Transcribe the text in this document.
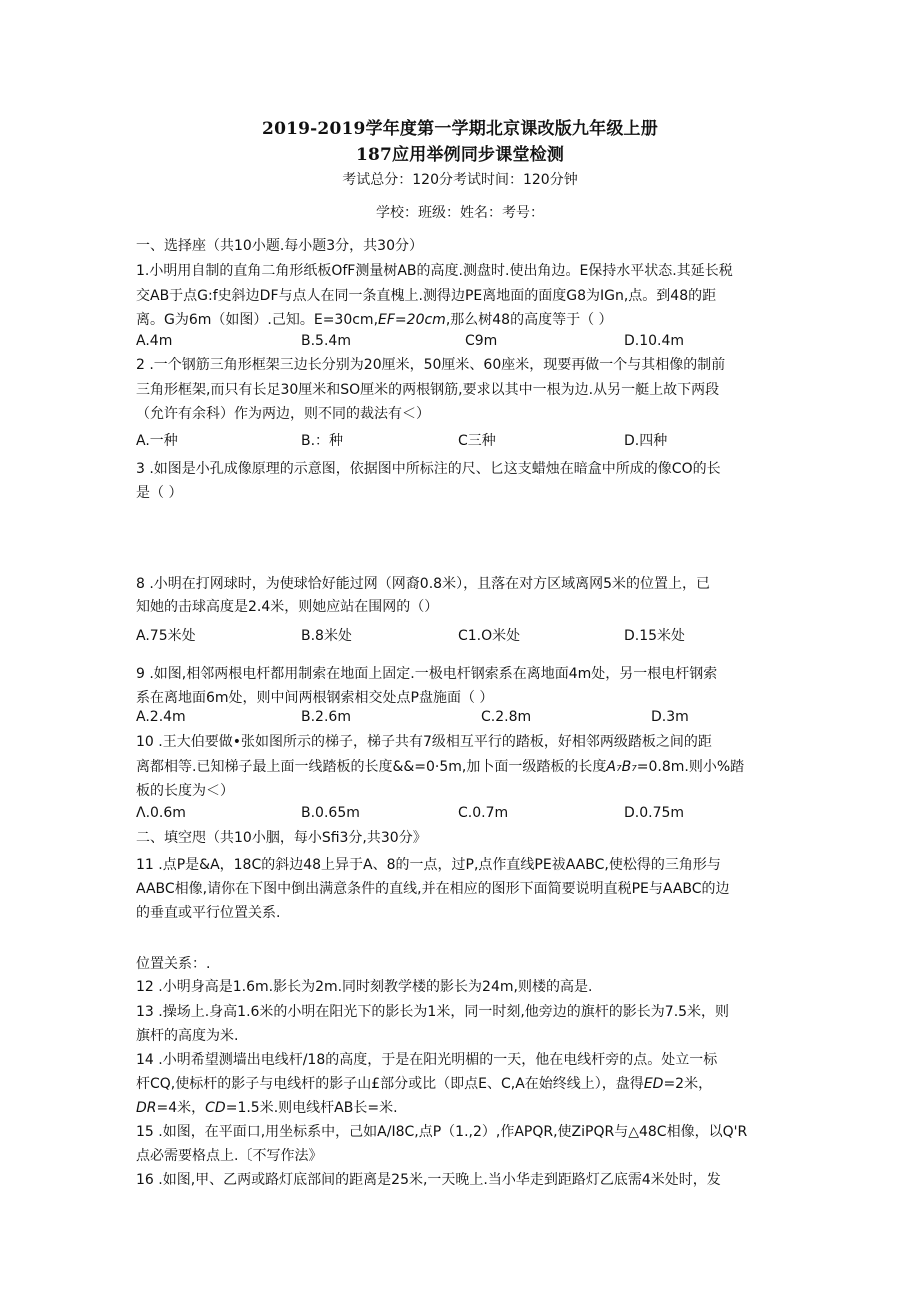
2019-2019学年度第一学期北京课改版九年级上册
187应用举例同步课堂检测
考试总分：120分考试时间：120分钟
学校：班级：姓名：考号：
一、选择座（共10小题.每小题3分，共30分）
1.小明用自制的直角二角形纸板OfF测量树AB的高度.测盘时.使出角边。E保持水平状态.其延长税
交AB于点G:f史斜边DF与点人在同一条直槐上.测得边PE离地面的面度G8为IGn,点。到48的距
离。G为6m（如图）.己知。E=30cm,EF=20cm,那么树48的高度等于（ ）
A.4m	B.5.4m	C9m	D.10.4m
2 .一个钢筋三角形框架三边长分别为20厘米，50厘米、60座米，现要再做一个与其相像的制前
三角形框架,而只有长足30厘米和SO厘米的两根钢筋,要求以其中一根为边.从另一艇上故下两段
（允许有余科）作为两边，则不同的裁法有＜）
A.一种	B.：种	C三种	D.四种
3 .如图是小孔成像原理的示意图，依据图中所标注的尺、匕这支蜡烛在暗盒中所成的像CO的长
是（ ）
8 .小明在打网球时，为使球恰好能过网（网裔0.8米），且落在对方区域离网5米的位置上，已
知她的击球高度是2.4米，则她应站在围网的（）
A.75米处	B.8米处	C1.O米处	D.15米处
9 .如图,相邻两根电杆都用制索在地面上固定.一极电杆钢索系在离地面4m处，另一根电杆钢索
系在离地面6m处，则中间两根钢索相交处点P盘施面（ ）
A.2.4m	B.2.6m	C.2.8m	D.3m
10 .王大伯要做•张如图所示的梯子，梯子共有7级相互平行的踏板，好相邻两级踏板之间的距
离都相等.已知梯子最上面一线踏板的长度&&=0·5m,加卜面一级踏板的长度A₇B₇=0.8m.则小%踏
板的长度为＜）
Λ.0.6m	B.0.65m	C.0.7m	D.0.75m
二、填空咫（共10小胭，每小Sfi3分,共30分》
11 .点P是&A，18C的斜边48上异于A、8的一点，过P,点作直线PE祓AABC,使松得的三角形与
AABC相像,请你在下图中倒出满意条件的直线,并在相应的图形下面简要说明直税PE与AABC的边
的垂直或平行位置关系.
位置关系：.
12 .小明身高是1.6m.影长为2m.同时刻教学楼的影长为24m,则楼的高是.
13 .操场上.身高1.6米的小明在阳光下的影长为1米，同一时刻,他旁边的旗杆的影长为7.5米，则
旗杆的高度为米.
14 .小明希望测墙出电线杆/18的高度，于是在阳光明楣的一天，他在电线杆旁的点。处立一标
杆CQ,使标杆的影子与电线杆的影子山£部分或比（即点E、C,A在始终线上），盘得ED=2米，
DR=4米，CD=1.5米.则电线杆AB长=米.
15 .如图，在平面口,用坐标系中，己如A/I8C,点P（1.,2）,作APQR,使ZiPQR与△48C相像，以Q'R
点必需要格点上.〔不写作法》
16 .如图,甲、乙两或路灯底部间的距离是25米,一天晚上.当小华走到距路灯乙底需4米处时，发
